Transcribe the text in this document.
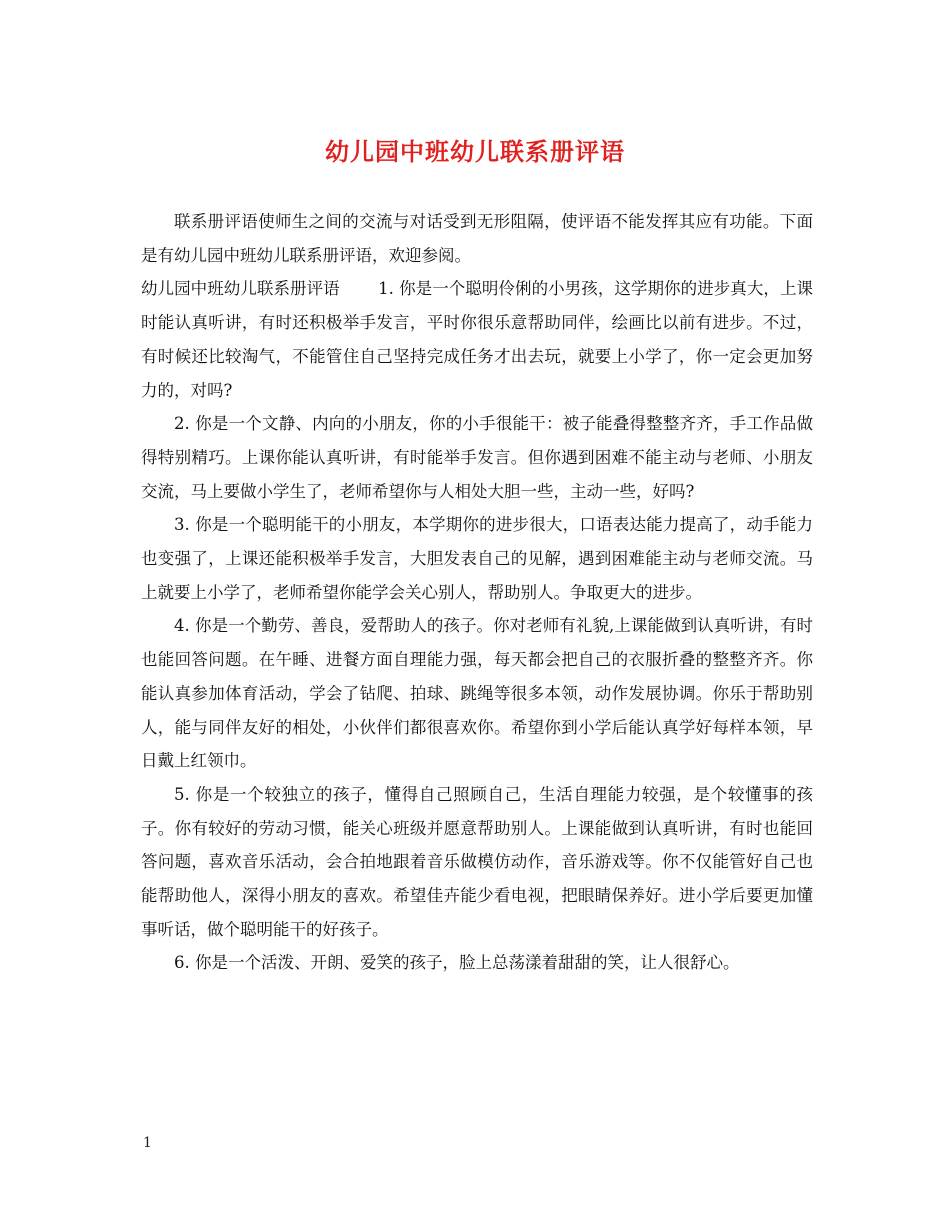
幼儿园中班幼儿联系册评语

联系册评语使师生之间的交流与对话受到无形阻隔，使评语不能发挥其应有功能。下面是有幼儿园中班幼儿联系册评语，欢迎参阅。

幼儿园中班幼儿联系册评语 　　1. 你是一个聪明伶俐的小男孩，这学期你的进步真大，上课时能认真听讲，有时还积极举手发言，平时你很乐意帮助同伴，绘画比以前有进步。不过，有时候还比较淘气，不能管住自己坚持完成任务才出去玩，就要上小学了，你一定会更加努力的，对吗?

2. 你是一个文静、内向的小朋友，你的小手很能干：被子能叠得整整齐齐，手工作品做得特别精巧。上课你能认真听讲，有时能举手发言。但你遇到困难不能主动与老师、小朋友交流，马上要做小学生了，老师希望你与人相处大胆一些，主动一些，好吗?

3. 你是一个聪明能干的小朋友，本学期你的进步很大，口语表达能力提高了，动手能力也变强了，上课还能积极举手发言，大胆发表自己的见解，遇到困难能主动与老师交流。马上就要上小学了，老师希望你能学会关心别人，帮助别人。争取更大的进步。

4. 你是一个勤劳、善良，爱帮助人的孩子。你对老师有礼貌,上课能做到认真听讲，有时也能回答问题。在午睡、进餐方面自理能力强，每天都会把自己的衣服折叠的整整齐齐。你能认真参加体育活动，学会了钻爬、拍球、跳绳等很多本领，动作发展协调。你乐于帮助别人，能与同伴友好的相处，小伙伴们都很喜欢你。希望你到小学后能认真学好每样本领，早日戴上红领巾。

5. 你是一个较独立的孩子，懂得自己照顾自己，生活自理能力较强，是个较懂事的孩子。你有较好的劳动习惯，能关心班级并愿意帮助别人。上课能做到认真听讲，有时也能回答问题，喜欢音乐活动，会合拍地跟着音乐做模仿动作，音乐游戏等。你不仅能管好自己也能帮助他人，深得小朋友的喜欢。希望佳卉能少看电视，把眼睛保养好。进小学后要更加懂事听话，做个聪明能干的好孩子。

6. 你是一个活泼、开朗、爱笑的孩子，脸上总荡漾着甜甜的笑，让人很舒心。

1
